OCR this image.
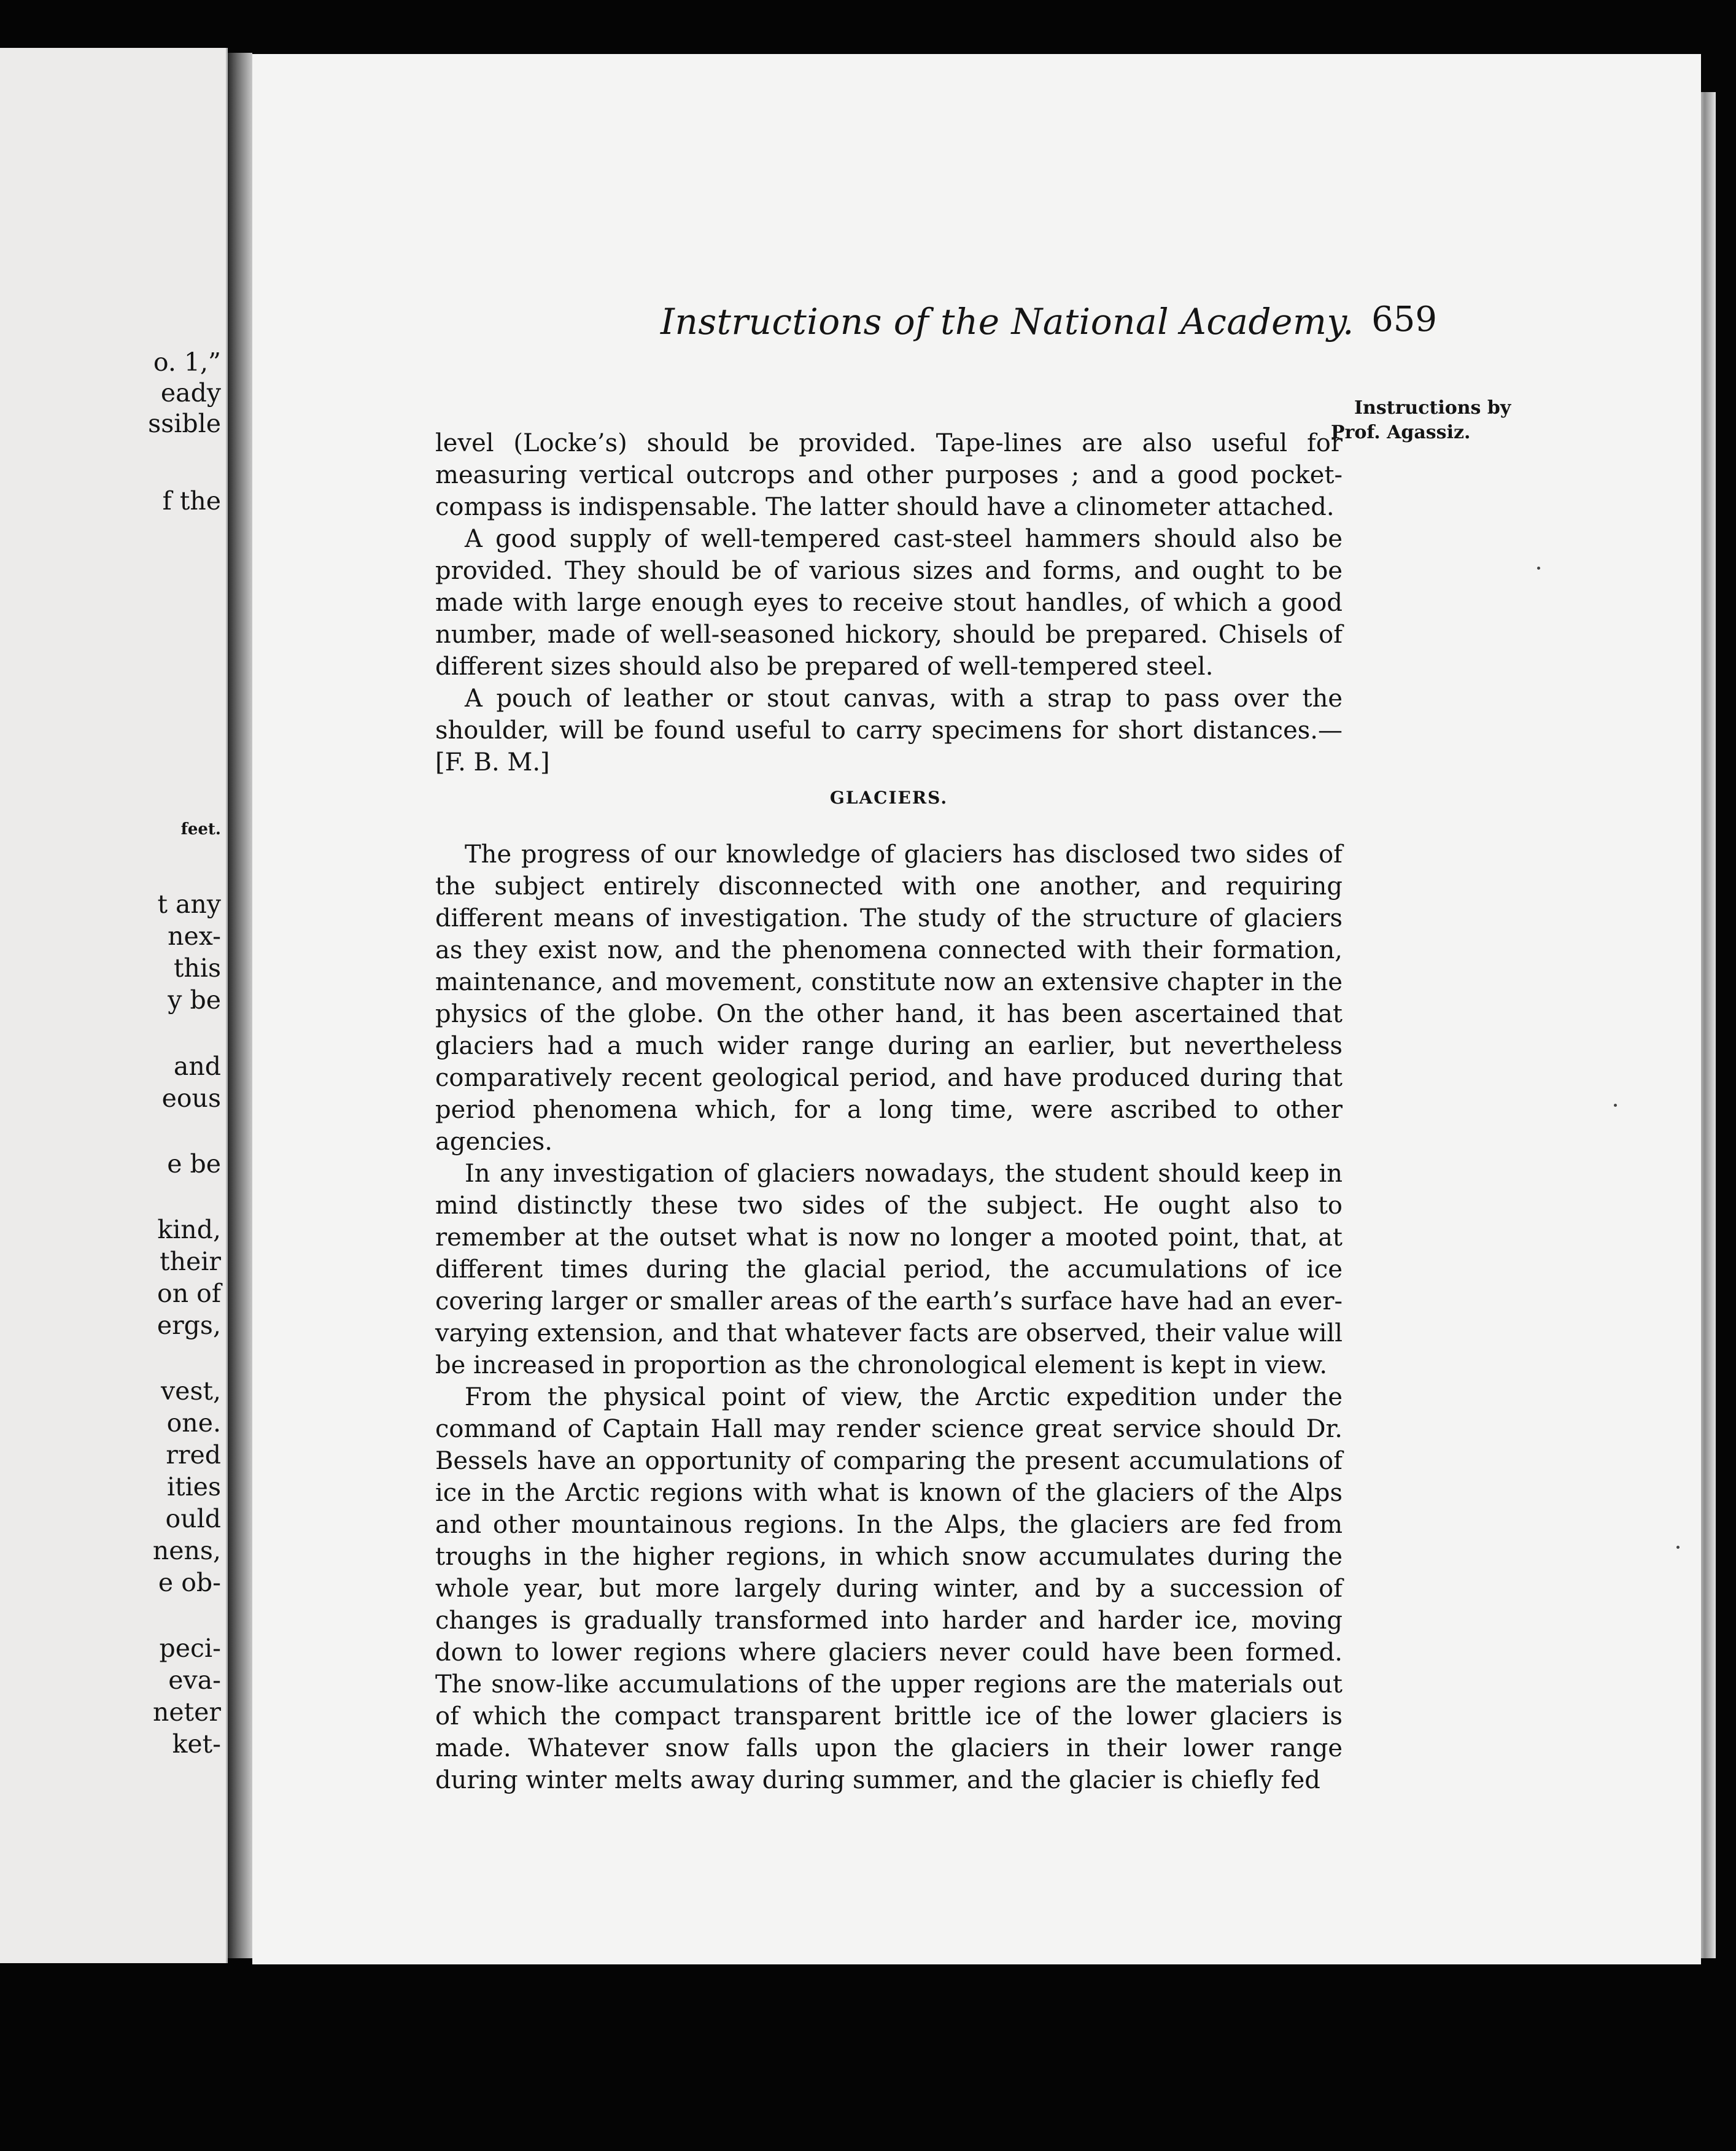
o. 1,”
eady
ssible
f the
feet.
t any
nex-
this
y be
and
eous
e be
kind,
their
on of
ergs,
vest,
one.
rred
ities
ould
nens,
e ob-
peci-
eva-
neter
ket-
Instructions of the National Academy. 659
Instructions by
Prof. Agassiz.

level (Locke’s) should be provided. Tape-lines are also useful for measuring vertical outcrops and other purposes ; and a good pocket-compass is indispensable. The latter should have a clinometer attached.

A good supply of well-tempered cast-steel hammers should also be provided. They should be of various sizes and forms, and ought to be made with large enough eyes to receive stout handles, of which a good number, made of well-seasoned hickory, should be prepared. Chisels of different sizes should also be prepared of well-tempered steel.

A pouch of leather or stout canvas, with a strap to pass over the shoulder, will be found useful to carry specimens for short distances.—[F. B. M.]

GLACIERS.

The progress of our knowledge of glaciers has disclosed two sides of the subject entirely disconnected with one another, and requiring different means of investigation. The study of the structure of glaciers as they exist now, and the phenomena connected with their formation, maintenance, and movement, constitute now an extensive chapter in the physics of the globe. On the other hand, it has been ascertained that glaciers had a much wider range during an earlier, but nevertheless comparatively recent geological period, and have produced during that period phenomena which, for a long time, were ascribed to other agencies.

In any investigation of glaciers nowadays, the student should keep in mind distinctly these two sides of the subject. He ought also to remember at the outset what is now no longer a mooted point, that, at different times during the glacial period, the accumulations of ice covering larger or smaller areas of the earth’s surface have had an ever-varying extension, and that whatever facts are observed, their value will be increased in proportion as the chronological element is kept in view.

From the physical point of view, the Arctic expedition under the command of Captain Hall may render science great service should Dr. Bessels have an opportunity of comparing the present accumulations of ice in the Arctic regions with what is known of the glaciers of the Alps and other mountainous regions. In the Alps, the glaciers are fed from troughs in the higher regions, in which snow accumulates during the whole year, but more largely during winter, and by a succession of changes is gradually transformed into harder and harder ice, moving down to lower regions where glaciers never could have been formed. The snow-like accumulations of the upper regions are the materials out of which the compact transparent brittle ice of the lower glaciers is made. Whatever snow falls upon the glaciers in their lower range during winter melts away during summer, and the glacier is chiefly fed
